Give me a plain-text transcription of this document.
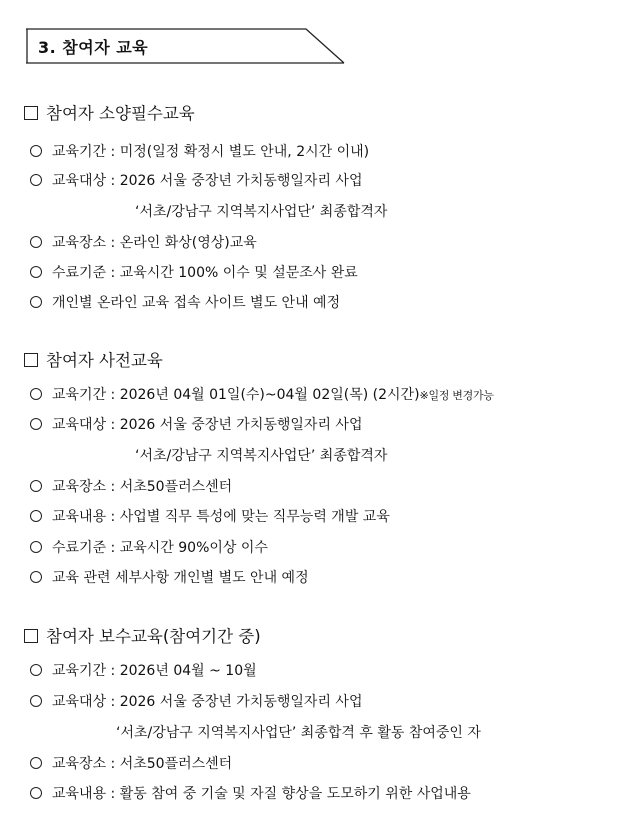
3. 참여자 교육
참여자 소양필수교육
교육기간 : 미정(일정 확정시 별도 안내, 2시간 이내)
교육대상 : 2026 서울 중장년 가치동행일자리 사업
‘서초/강남구 지역복지사업단’ 최종합격자
교육장소 : 온라인 화상(영상)교육
수료기준 : 교육시간 100% 이수 및 설문조사 완료
개인별 온라인 교육 접속 사이트 별도 안내 예정
참여자 사전교육
교육기간 : 2026년 04월 01일(수)~04월 02일(목) (2시간)※일정 변경가능
교육대상 : 2026 서울 중장년 가치동행일자리 사업
‘서초/강남구 지역복지사업단’ 최종합격자
교육장소 : 서초50플러스센터
교육내용 : 사업별 직무 특성에 맞는 직무능력 개발 교육
수료기준 : 교육시간 90%이상 이수
교육 관련 세부사항 개인별 별도 안내 예정
참여자 보수교육(참여기간 중)
교육기간 : 2026년 04월 ~ 10월
교육대상 : 2026 서울 중장년 가치동행일자리 사업
‘서초/강남구 지역복지사업단’ 최종합격 후 활동 참여중인 자
교육장소 : 서초50플러스센터
교육내용 : 활동 참여 중 기술 및 자질 향상을 도모하기 위한 사업내용
